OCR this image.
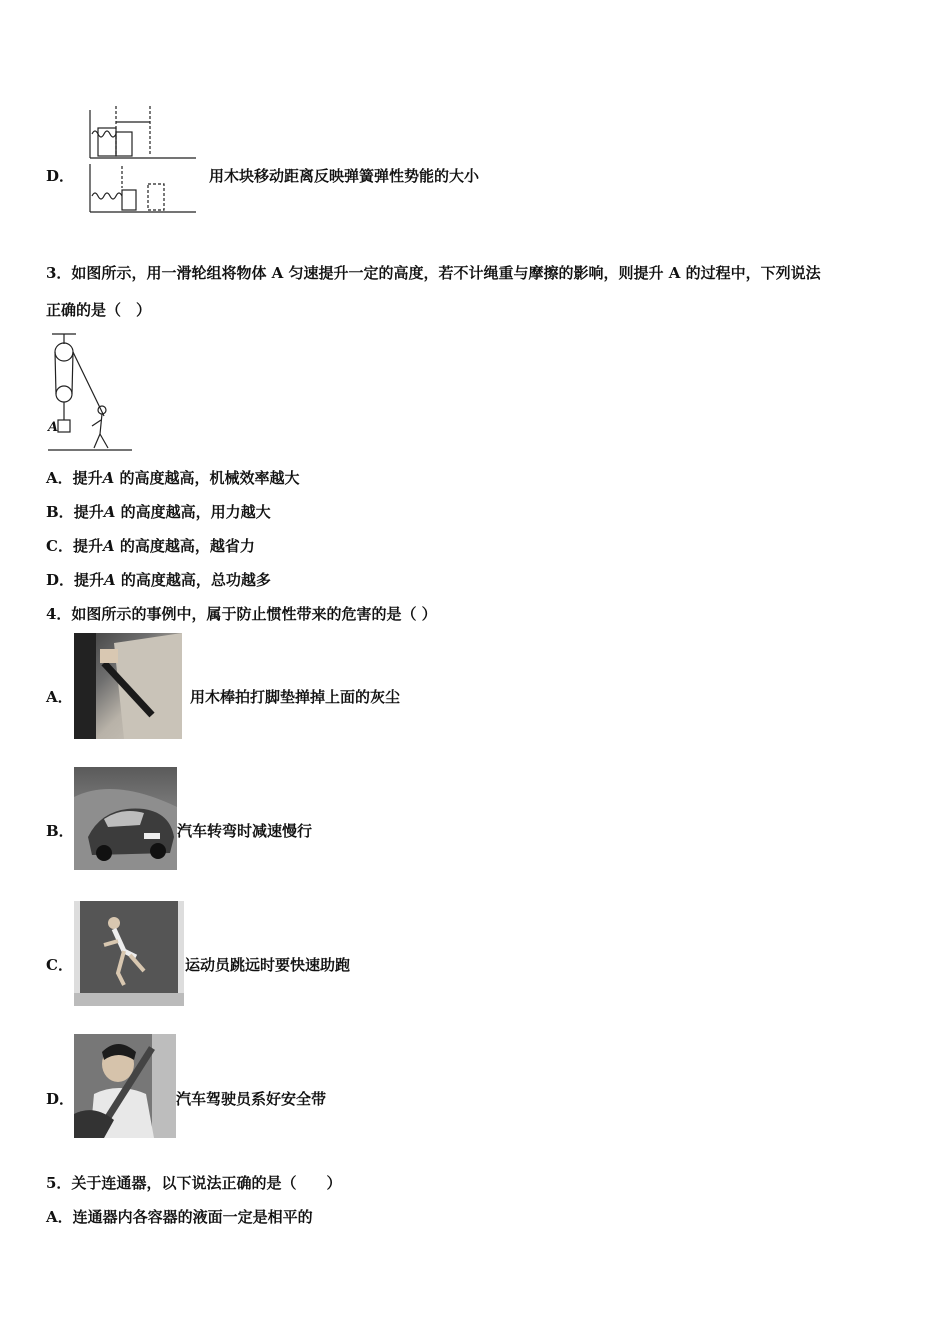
D．	用木块移动距离反映弹簧弹性势能的大小
3．如图所示，用一滑轮组将物体 A 匀速提升一定的高度，若不计绳重与摩擦的影响，则提升 A 的过程中，下列说法
正确的是（　）
A
A．提升A 的高度越高，机械效率越大
B．提升A 的高度越高，用力越大
C．提升A 的高度越高，越省力
D．提升A 的高度越高，总功越多
4．如图所示的事例中，属于防止惯性带来的危害的是（ ）
A．	用木棒拍打脚垫掸掉上面的灰尘
B．	汽车转弯时减速慢行
C．	运动员跳远时要快速助跑
D．	汽车驾驶员系好安全带
5．关于连通器，以下说法正确的是（　　）
A．连通器内各容器的液面一定是相平的
